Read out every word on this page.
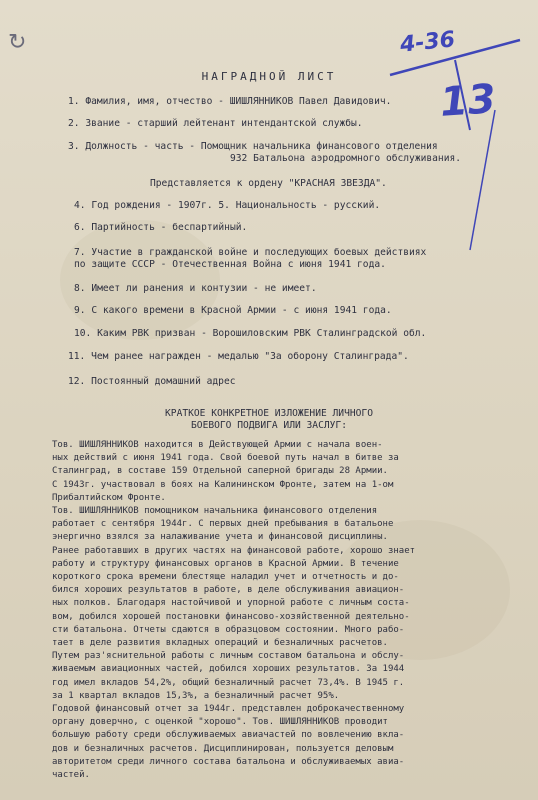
↻	4-36
13
НАГРАДНОЙ ЛИСТ
1. Фамилия, имя, отчество - ШИШЛЯННИКОВ Павел Давидович.
2. Звание - старший лейтенант интендантской службы.
3. Должность - часть - Помощник начальника финансового отделения
932 Батальона аэродромного обслуживания.
Представляется к ордену "КРАСНАЯ ЗВЕЗДА".
4. Год рождения - 1907г. 5. Национальность - русский.
6. Партийность - беспартийный.
7. Участие в гражданской войне и последующих боевых действиях
по защите СССР - Отечественная Война с июня 1941 года.
8. Имеет ли ранения и контузии - не имеет.
9. С какого времени в Красной Армии - с июня 1941 года.
10. Каким РВК призван - Ворошиловским РВК Сталинградской обл.
11. Чем ранее награжден - медалью "За оборону Сталинграда".
12. Постоянный домашний адрес
КРАТКОЕ КОНКРЕТНОЕ ИЗЛОЖЕНИЕ ЛИЧНОГО
БОЕВОГО ПОДВИГА ИЛИ ЗАСЛУГ:
Тов. ШИШЛЯННИКОВ находится в Действующей Армии с начала воен-
ных действий с июня 1941 года. Свой боевой путь начал в битве за
Сталинград, в составе 159 Отдельной саперной бригады 28 Армии.
С 1943г. участвовал в боях на Калининском Фронте, затем на 1-ом
Прибалтийском Фронте.
Тов. ШИШЛЯННИКОВ помощником начальника финансового отделения
работает с сентября 1944г. С первых дней пребывания в батальоне
энергично взялся за налаживание учета и финансовой дисциплины.
Ранее работавших в других частях на финансовой работе, хорошо знает
работу и структуру финансовых органов в Красной Армии. В течение
короткого срока времени блестяще наладил учет и отчетность и до-
бился хороших результатов в работе, в деле обслуживания авиацион-
ных полков. Благодаря настойчивой и упорной работе с личным соста-
вом, добился хорошей постановки финансово-хозяйственной деятельно-
сти батальона. Отчеты сдаются в образцовом состоянии. Много рабо-
тает в деле развития вкладных операций и безналичных расчетов.
Путем раз'яснительной работы с личным составом батальона и обслу-
живаемым авиационных частей, добился хороших результатов. За 1944
год имел вкладов 54,2%, общий безналичный расчет 73,4%. В 1945 г.
за 1 квартал вкладов 15,3%, а безналичный расчет 95%.
Годовой финансовый отчет за 1944г. представлен доброкачественному
органу доверчно, с оценкой "хорошо". Тов. ШИШЛЯННИКОВ проводит
большую работу среди обслуживаемых авиачастей по вовлечению вкла-
дов и безналичных расчетов. Дисциплинирован, пользуется деловым
авторитетом среди личного состава батальона и обслуживаемых авиа-
частей.
